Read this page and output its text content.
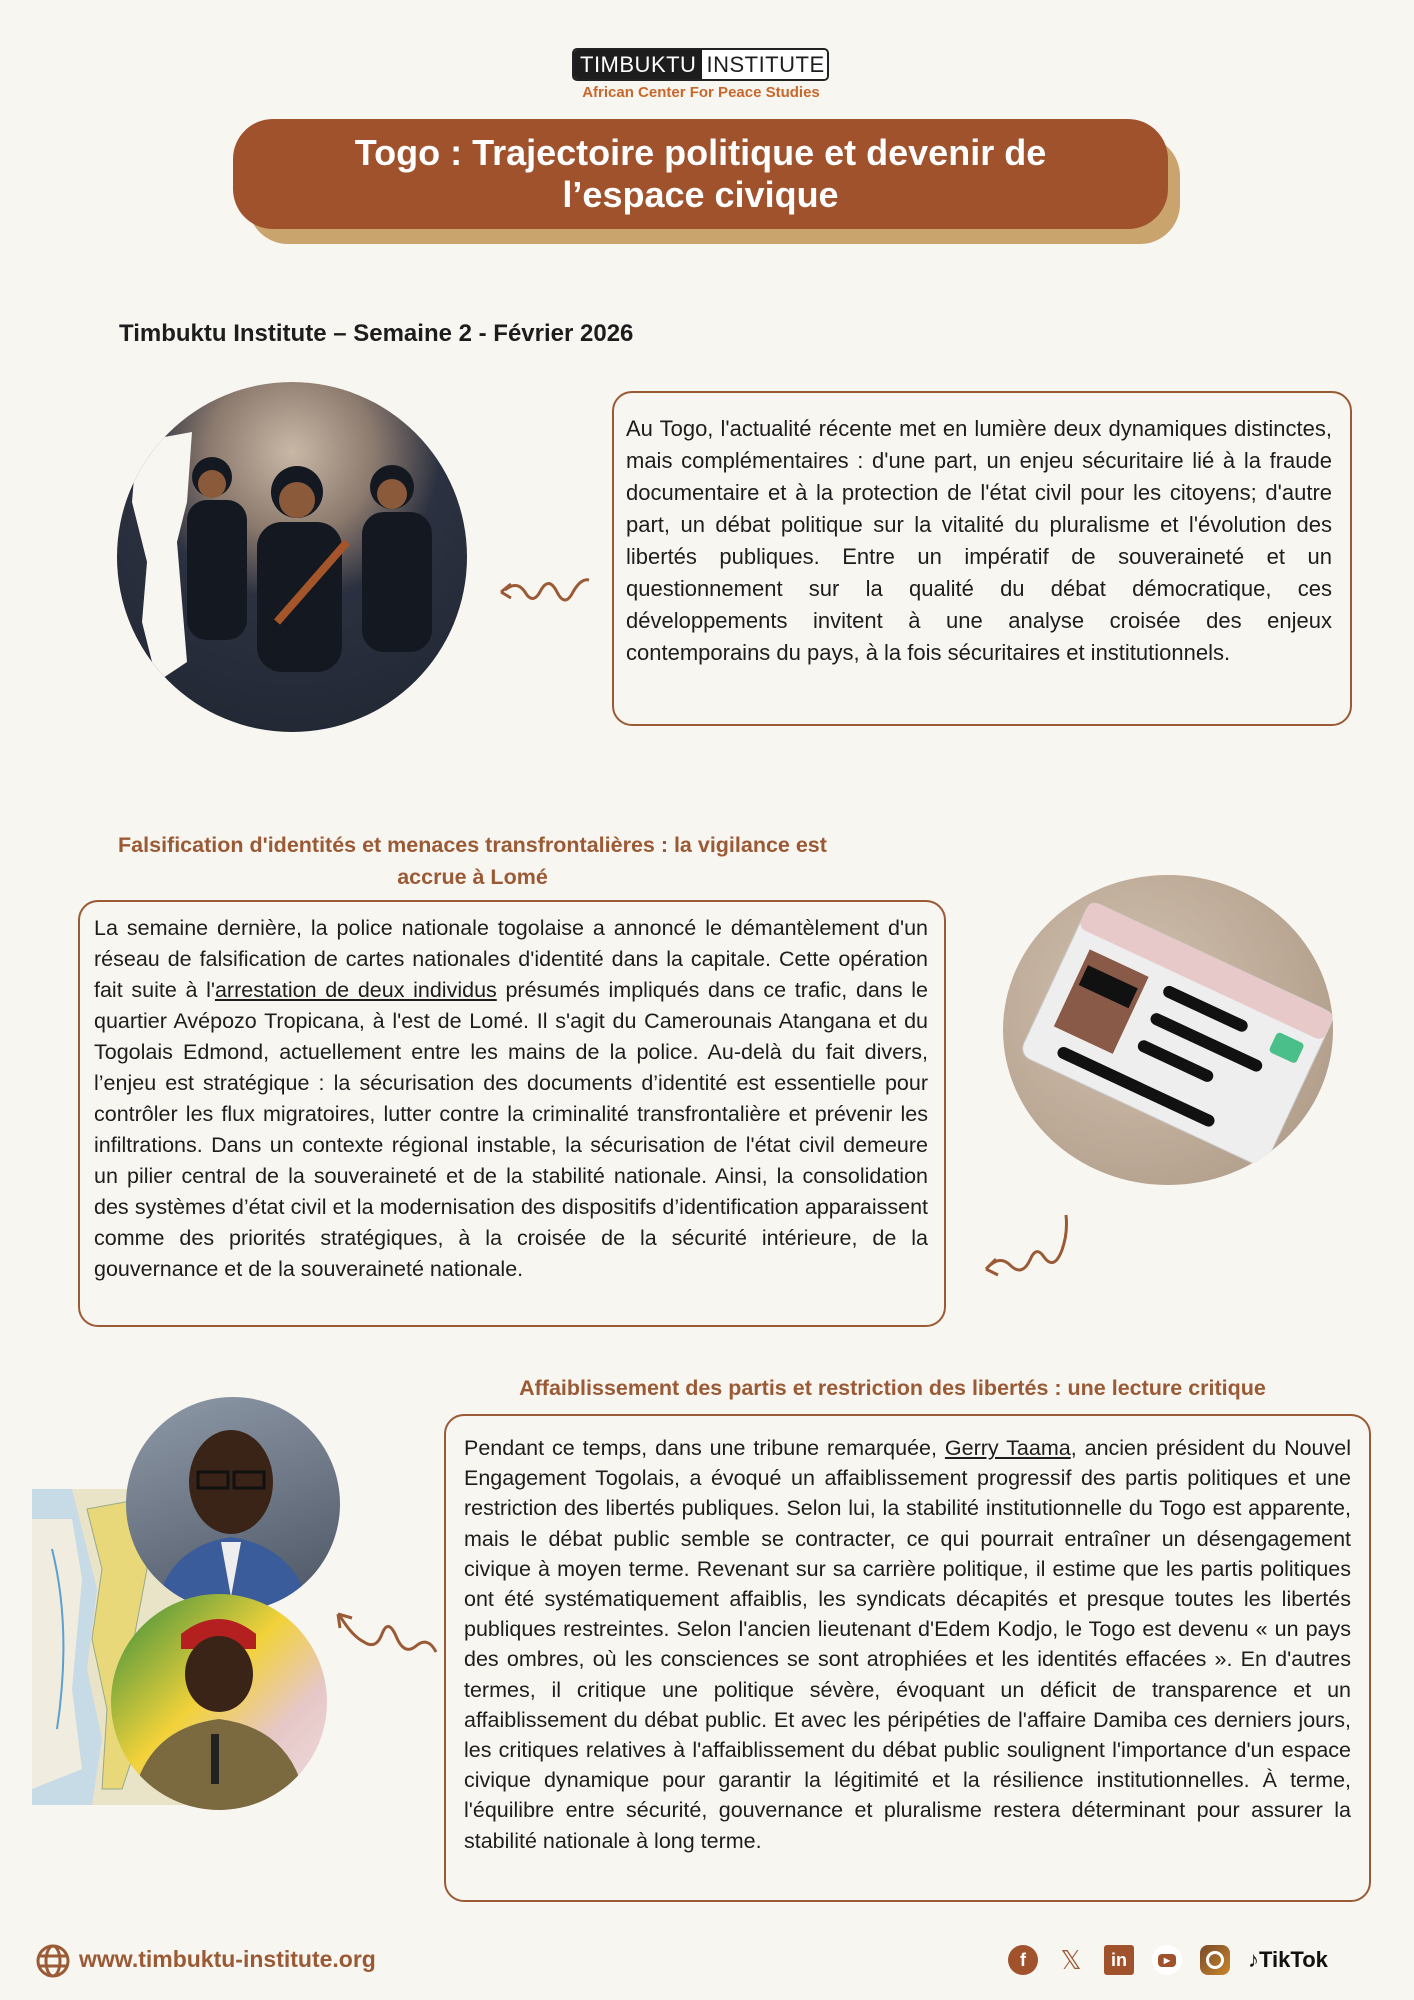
TIMBUKTU INSTITUTE
African Center For Peace Studies
Togo : Trajectoire politique et devenir de
l’espace civique
Timbuktu Institute – Semaine 2 - Février 2026

Au Togo, l'actualité récente met en lumière deux dynamiques distinctes, mais complémentaires : d'une part, un enjeu sécuritaire lié à la fraude documentaire et à la protection de l'état civil pour les citoyens; d'autre part, un débat politique sur la vitalité du pluralisme et l'évolution des libertés publiques. Entre un impératif de souveraineté et un questionnement sur la qualité du débat démocratique, ces développements invitent à une analyse croisée des enjeux contemporains du pays, à la fois sécuritaires et institutionnels.

Falsification d'identités et menaces transfrontalières : la vigilance est
accrue à Lomé

La semaine dernière, la police nationale togolaise a annoncé le démantèlement d'un réseau de falsification de cartes nationales d'identité dans la capitale. Cette opération fait suite à l'arrestation de deux individus présumés impliqués dans ce trafic, dans le quartier Avépozo Tropicana, à l'est de Lomé. Il s'agit du Camerounais Atangana et du Togolais Edmond, actuellement entre les mains de la police. Au-delà du fait divers, l’enjeu est stratégique : la sécurisation des documents d’identité est essentielle pour contrôler les flux migratoires, lutter contre la criminalité transfrontalière et prévenir les infiltrations. Dans un contexte régional instable, la sécurisation de l'état civil demeure un pilier central de la souveraineté et de la stabilité nationale. Ainsi, la consolidation des systèmes d’état civil et la modernisation des dispositifs d’identification apparaissent comme des priorités stratégiques, à la croisée de la sécurité intérieure, de la gouvernance et de la souveraineté nationale.

Affaiblissement des partis et restriction des libertés : une lecture critique

Pendant ce temps, dans une tribune remarquée, Gerry Taama, ancien président du Nouvel Engagement Togolais, a évoqué un affaiblissement progressif des partis politiques et une restriction des libertés publiques. Selon lui, la stabilité institutionnelle du Togo est apparente, mais le débat public semble se contracter, ce qui pourrait entraîner un désengagement civique à moyen terme. Revenant sur sa carrière politique, il estime que les partis politiques ont été systématiquement affaiblis, les syndicats décapités et presque toutes les libertés publiques restreintes. Selon l'ancien lieutenant d'Edem Kodjo, le Togo est devenu « un pays des ombres, où les consciences se sont atrophiées et les identités effacées ». En d'autres termes, il critique une politique sévère, évoquant un déficit de transparence et un affaiblissement du débat public. Et avec les péripéties de l'affaire Damiba ces derniers jours, les critiques relatives à l'affaiblissement du débat public soulignent l'importance d'un espace civique dynamique pour garantir la légitimité et la résilience institutionnelles. À terme, l'équilibre entre sécurité, gouvernance et pluralisme restera déterminant pour assurer la stabilité nationale à long terme.

www.timbuktu-institute.org	f	𝕏	in	▶	♪ TikTok
